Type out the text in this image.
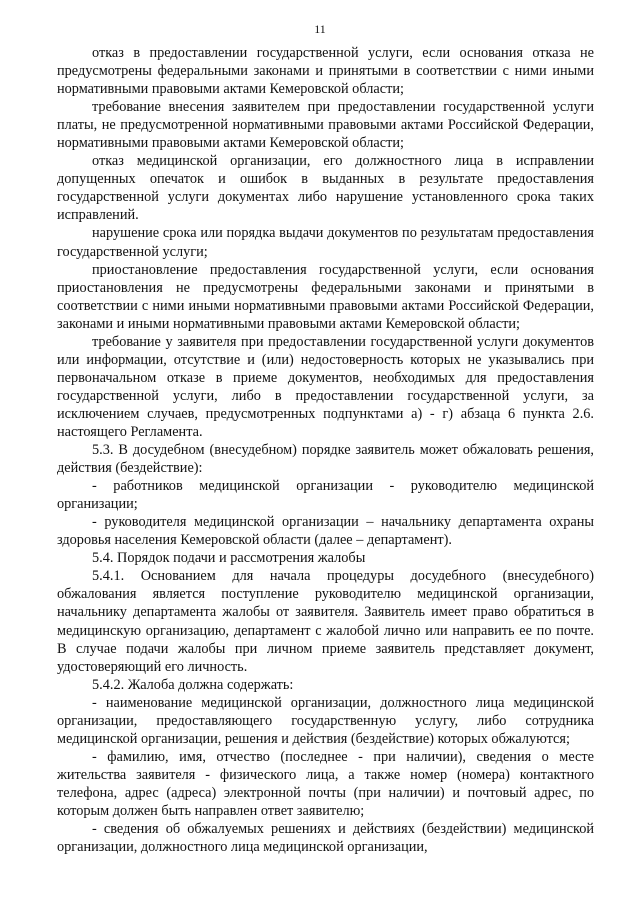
11

отказ в предоставлении государственной услуги, если основания отказа не предусмотрены федеральными законами и принятыми в соответствии с ними иными нормативными правовыми актами Кемеровской области;

требование внесения заявителем при предоставлении государственной услуги платы, не предусмотренной нормативными правовыми актами Российской Федерации, нормативными правовыми актами Кемеровской области;

отказ медицинской организации, его должностного лица в исправлении допущенных опечаток и ошибок в выданных в результате предоставления государственной услуги документах либо нарушение установленного срока таких исправлений.

нарушение срока или порядка выдачи документов по результатам предоставления государственной услуги;

приостановление предоставления государственной услуги, если основания приостановления не предусмотрены федеральными законами и принятыми в соответствии с ними иными нормативными правовыми актами Российской Федерации, законами и иными нормативными правовыми актами Кемеровской области;

требование у заявителя при предоставлении государственной услуги документов или информации, отсутствие и (или) недостоверность которых не указывались при первоначальном отказе в приеме документов, необходимых для предоставления государственной услуги, либо в предоставлении государственной услуги, за исключением случаев, предусмотренных подпунктами а) - г) абзаца 6 пункта 2.6. настоящего Регламента.

5.3. В досудебном (внесудебном) порядке заявитель может обжаловать решения, действия (бездействие):

- работников медицинской организации - руководителю медицинской организации;

- руководителя медицинской организации – начальнику департамента охраны здоровья населения Кемеровской области (далее – департамент).

5.4. Порядок подачи и рассмотрения жалобы

5.4.1. Основанием для начала процедуры досудебного (внесудебного) обжалования является поступление руководителю медицинской организации, начальнику департамента жалобы от заявителя. Заявитель имеет право обратиться в медицинскую организацию, департамент с жалобой лично или направить ее по почте. В случае подачи жалобы при личном приеме заявитель представляет документ, удостоверяющий его личность.

5.4.2. Жалоба должна содержать:

- наименование медицинской организации, должностного лица медицинской организации, предоставляющего государственную услугу, либо сотрудника медицинской организации, решения и действия (бездействие) которых обжалуются;

- фамилию, имя, отчество (последнее - при наличии), сведения о месте жительства заявителя - физического лица, а также номер (номера) контактного телефона, адрес (адреса) электронной почты (при наличии) и почтовый адрес, по которым должен быть направлен ответ заявителю;

- сведения об обжалуемых решениях и действиях (бездействии) медицинской организации, должностного лица медицинской организации,
